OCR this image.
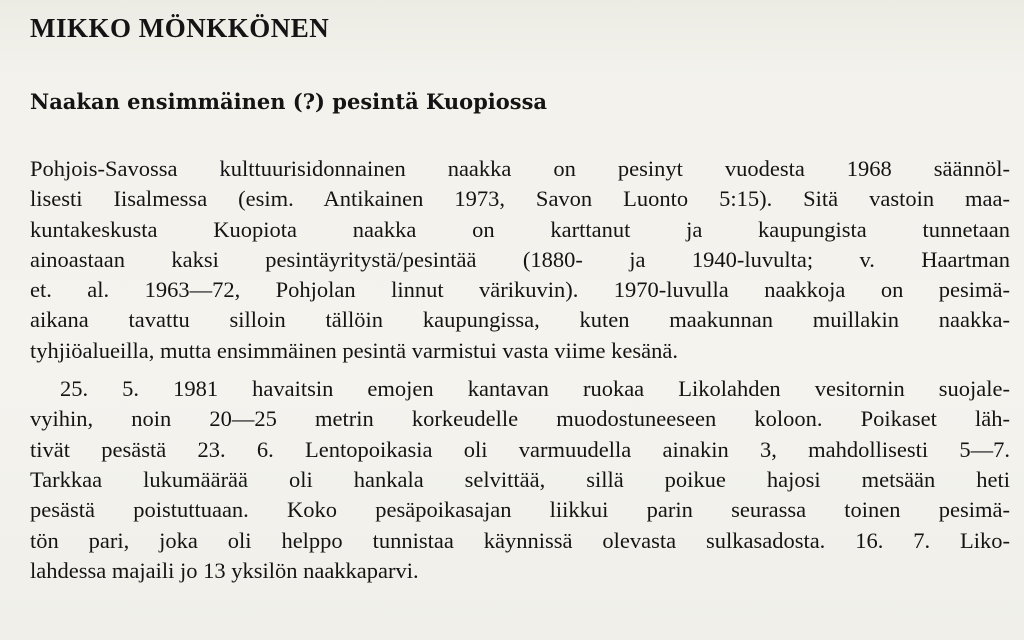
MIKKO MÖNKKÖNEN
Naakan ensimmäinen (?) pesintä Kuopiossa

Pohjois-Savossa kulttuurisidonnainen naakka on pesinyt vuodesta 1968 säännöl-
lisesti Iisalmessa (esim. Antikainen 1973, Savon Luonto 5:15). Sitä vastoin maa-
kuntakeskusta Kuopiota naakka on karttanut ja kaupungista tunnetaan
ainoastaan kaksi pesintäyritystä/pesintää (1880- ja 1940-luvulta; v. Haartman
et. al. 1963—72, Pohjolan linnut värikuvin). 1970-luvulla naakkoja on pesimä-
aikana tavattu silloin tällöin kaupungissa, kuten maakunnan muillakin naakka-
tyhjiöalueilla, mutta ensimmäinen pesintä varmistui vasta viime kesänä.

25. 5. 1981 havaitsin emojen kantavan ruokaa Likolahden vesitornin suojale-
vyihin, noin 20—25 metrin korkeudelle muodostuneeseen koloon. Poikaset läh-
tivät pesästä 23. 6. Lentopoikasia oli varmuudella ainakin 3, mahdollisesti 5—7.
Tarkkaa lukumäärää oli hankala selvittää, sillä poikue hajosi metsään heti
pesästä poistuttuaan. Koko pesäpoikasajan liikkui parin seurassa toinen pesimä-
tön pari, joka oli helppo tunnistaa käynnissä olevasta sulkasadosta. 16. 7. Liko-
lahdessa majaili jo 13 yksilön naakkaparvi.
